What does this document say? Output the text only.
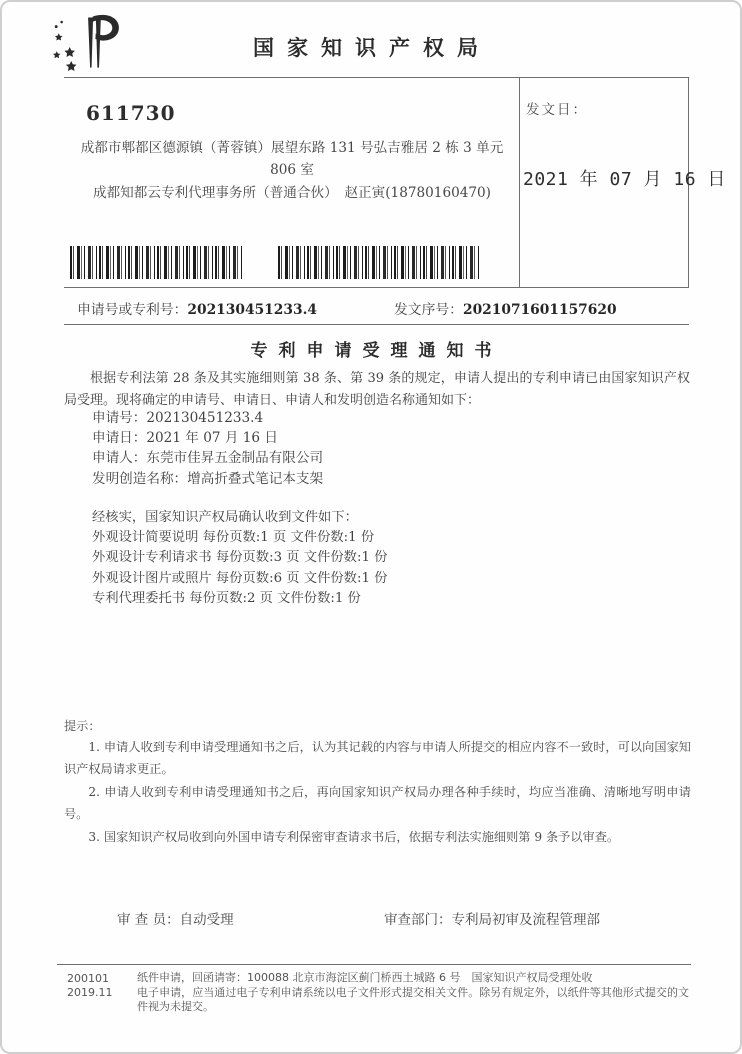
国家知识产权局
611730
成都市郫都区德源镇（菁蓉镇）展望东路 131 号弘吉雅居 2 栋 3 单元
806 室
成都知都云专利代理事务所（普通合伙）　赵正寅(18780160470)
发文日：
2021 年 07 月 16 日
申请号或专利号：202130451233.4	发文序号：2021071601157620
专利申请受理通知书

根据专利法第 28 条及其实施细则第 38 条、第 39 条的规定，申请人提出的专利申请已由国家知识产权局受理。现将确定的申请号、申请日、申请人和发明创造名称通知如下：

申请号：202130451233.4
申请日：2021 年 07 月 16 日
申请人：东莞市佳昇五金制品有限公司
发明创造名称：增高折叠式笔记本支架
经核实，国家知识产权局确认收到文件如下：
外观设计简要说明 每份页数:1 页 文件份数:1 份
外观设计专利请求书 每份页数:3 页 文件份数:1 份
外观设计图片或照片 每份页数:6 页 文件份数:1 份
专利代理委托书 每份页数:2 页 文件份数:1 份
提示：

1. 申请人收到专利申请受理通知书之后，认为其记载的内容与申请人所提交的相应内容不一致时，可以向国家知识产权局请求更正。

2. 申请人收到专利申请受理通知书之后，再向国家知识产权局办理各种手续时，均应当准确、清晰地写明申请号。

3. 国家知识产权局收到向外国申请专利保密审查请求书后，依据专利法实施细则第 9 条予以审查。

审 查 员：自动受理	审查部门：专利局初审及流程管理部
200101
2019.11
纸件申请，回函请寄：100088 北京市海淀区蓟门桥西土城路 6 号　国家知识产权局受理处收
电子申请，应当通过电子专利申请系统以电子文件形式提交相关文件。除另有规定外，以纸件等其他形式提交的文件视为未提交。
